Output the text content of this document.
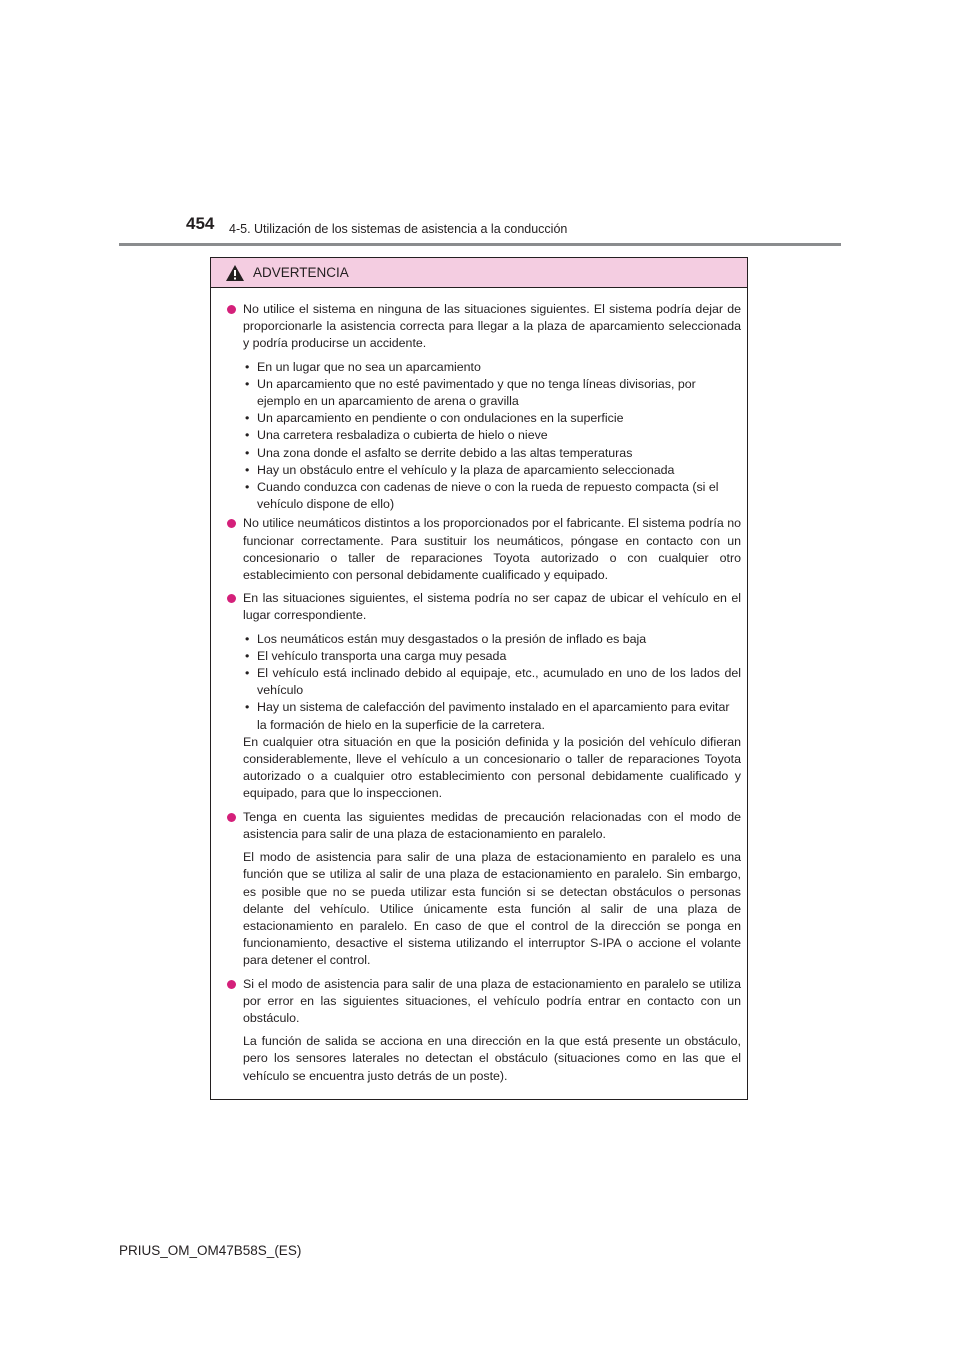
454 4-5. Utilización de los sistemas de asistencia a la conducción
ADVERTENCIA
No utilice el sistema en ninguna de las situaciones siguientes. El sistema podría dejar de proporcionarle la asistencia correcta para llegar a la plaza de aparcamiento seleccionada y podría producirse un accidente.
• En un lugar que no sea un aparcamiento
• Un aparcamiento que no esté pavimentado y que no tenga líneas divisorias, por ejemplo en un aparcamiento de arena o gravilla
• Un aparcamiento en pendiente o con ondulaciones en la superficie
• Una carretera resbaladiza o cubierta de hielo o nieve
• Una zona donde el asfalto se derrite debido a las altas temperaturas
• Hay un obstáculo entre el vehículo y la plaza de aparcamiento seleccionada
• Cuando conduzca con cadenas de nieve o con la rueda de repuesto compacta (si el vehículo dispone de ello)
No utilice neumáticos distintos a los proporcionados por el fabricante. El sistema podría no funcionar correctamente. Para sustituir los neumáticos, póngase en contacto con un concesionario o taller de reparaciones Toyota autorizado o con cualquier otro establecimiento con personal debidamente cualificado y equipado.
En las situaciones siguientes, el sistema podría no ser capaz de ubicar el vehículo en el lugar correspondiente.
• Los neumáticos están muy desgastados o la presión de inflado es baja
• El vehículo transporta una carga muy pesada
• El vehículo está inclinado debido al equipaje, etc., acumulado en uno de los lados del vehículo
• Hay un sistema de calefacción del pavimento instalado en el aparcamiento para evitar la formación de hielo en la superficie de la carretera.
En cualquier otra situación en que la posición definida y la posición del vehículo difieran considerablemente, lleve el vehículo a un concesionario o taller de reparaciones Toyota autorizado o a cualquier otro establecimiento con personal debidamente cualificado y equipado, para que lo inspeccionen.
Tenga en cuenta las siguientes medidas de precaución relacionadas con el modo de asistencia para salir de una plaza de estacionamiento en paralelo.
El modo de asistencia para salir de una plaza de estacionamiento en paralelo es una función que se utiliza al salir de una plaza de estacionamiento en paralelo. Sin embargo, es posible que no se pueda utilizar esta función si se detectan obstáculos o personas delante del vehículo. Utilice únicamente esta función al salir de una plaza de estacionamiento en paralelo. En caso de que el control de la dirección se ponga en funcionamiento, desactive el sistema utilizando el interruptor S-IPA o accione el volante para detener el control.
Si el modo de asistencia para salir de una plaza de estacionamiento en paralelo se utiliza por error en las siguientes situaciones, el vehículo podría entrar en contacto con un obstáculo.
La función de salida se acciona en una dirección en la que está presente un obstáculo, pero los sensores laterales no detectan el obstáculo (situaciones como en las que el vehículo se encuentra justo detrás de un poste).
PRIUS_OM_OM47B58S_(ES)
